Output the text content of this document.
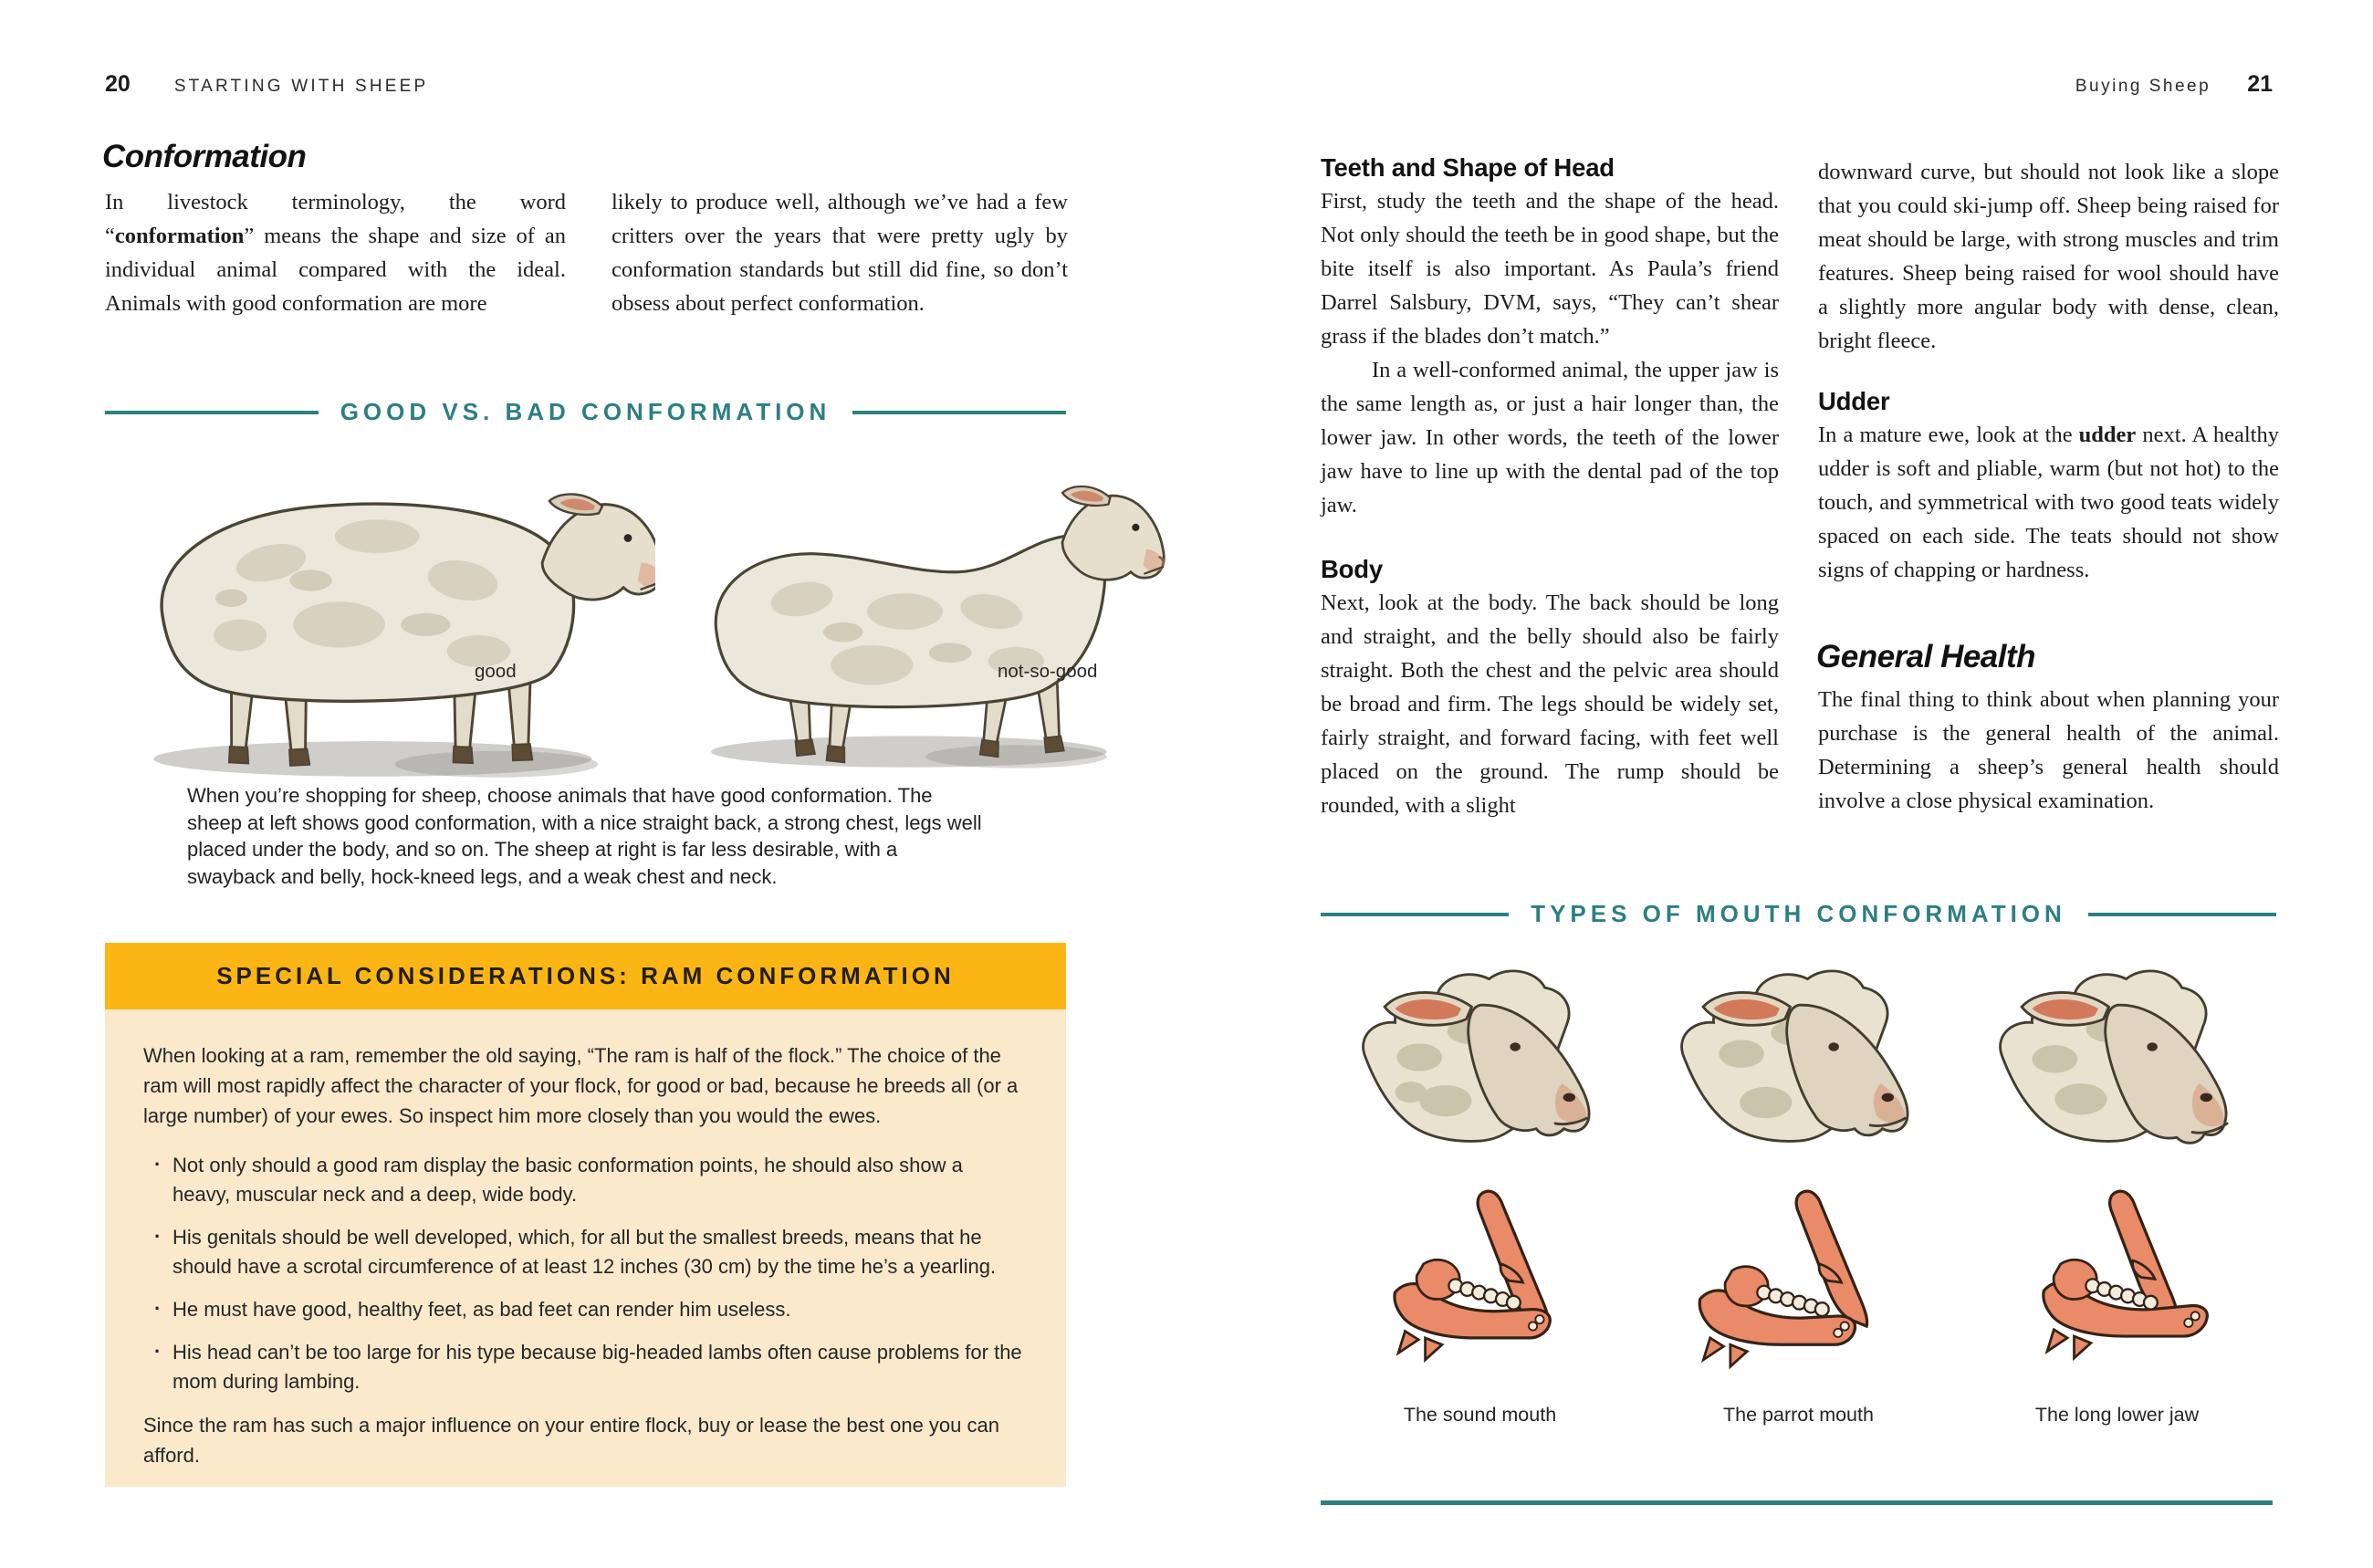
20	STARTING WITH SHEEP
Conformation

In livestock terminology, the word “conformation” means the shape and size of an individual animal compared with the ideal. Animals with good conformation are more

likely to produce well, although we’ve had a few critters over the years that were pretty ugly by conformation standards but still did fine, so don’t obsess about perfect conformation.

GOOD VS. BAD CONFORMATION
good	not-so-good
When you’re shopping for sheep, choose animals that have good conformation. The sheep at left shows good conformation, with a nice straight back, a strong chest, legs well placed under the body, and so on. The sheep at right is far less desirable, with a swayback and belly, hock-kneed legs, and a weak chest and neck.
SPECIAL CONSIDERATIONS: RAM CONFORMATION

When looking at a ram, remember the old saying, “The ram is half of the flock.” The choice of the ram will most rapidly affect the character of your flock, for good or bad, because he breeds all (or a large number) of your ewes. So inspect him more closely than you would the ewes.

· Not only should a good ram display the basic conformation points, he should also show a heavy, muscular neck and a deep, wide body.
· His genitals should be well developed, which, for all but the smallest breeds, means that he should have a scrotal circumference of at least 12 inches (30 cm) by the time he’s a yearling.
· He must have good, healthy feet, as bad feet can render him useless.
· His head can’t be too large for his type because big-headed lambs often cause problems for the mom during lambing.

Since the ram has such a major influence on your entire flock, buy or lease the best one you can afford.

Buying Sheep 21
Teeth and Shape of Head

First, study the teeth and the shape of the head. Not only should the teeth be in good shape, but the bite itself is also important. As Paula’s friend Darrel Salsbury, DVM, says, “They can’t shear grass if the blades don’t match.”

In a well-conformed animal, the upper jaw is the same length as, or just a hair longer than, the lower jaw. In other words, the teeth of the lower jaw have to line up with the dental pad of the top jaw.

Body

Next, look at the body. The back should be long and straight, and the belly should also be fairly straight. Both the chest and the pelvic area should be broad and firm. The legs should be widely set, fairly straight, and forward facing, with feet well placed on the ground. The rump should be rounded, with a slight

downward curve, but should not look like a slope that you could ski-jump off. Sheep being raised for meat should be large, with strong muscles and trim features. Sheep being raised for wool should have a slightly more angular body with dense, clean, bright fleece.

Udder

In a mature ewe, look at the udder next. A healthy udder is soft and pliable, warm (but not hot) to the touch, and symmetrical with two good teats widely spaced on each side. The teats should not show signs of chapping or hardness.

General Health

The final thing to think about when planning your purchase is the general health of the animal. Determining a sheep’s general health should involve a close physical examination.

TYPES OF MOUTH CONFORMATION
The sound mouth	The parrot mouth	The long lower jaw
